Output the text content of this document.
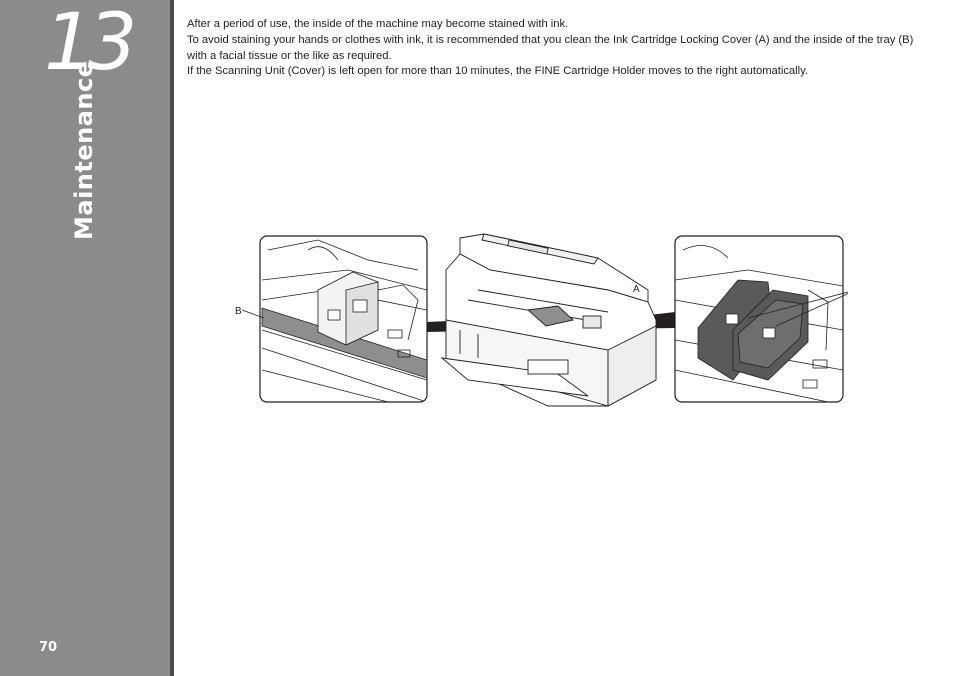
13
Maintenance
70

After a period of use, the inside of the machine may become stained with ink.

To avoid staining your hands or clothes with ink, it is recommended that you clean the Ink Cartridge Locking Cover (A) and the inside of the tray (B) with a facial tissue or the like as required.

If the Scanning Unit (Cover) is left open for more than 10 minutes, the FINE Cartridge Holder moves to the right automatically.

A
B
